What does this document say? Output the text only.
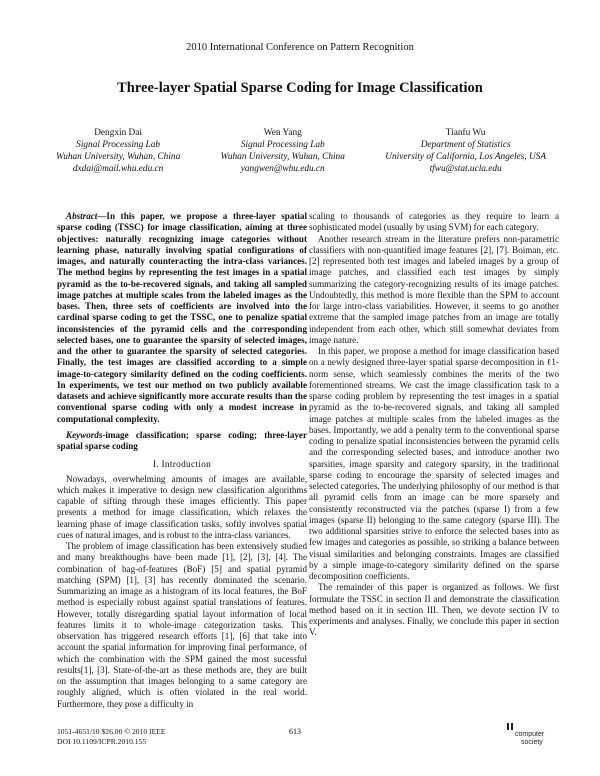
2010 International Conference on Pattern Recognition
Three-layer Spatial Sparse Coding for Image Classification
Dengxin Dai
Signal Processing Lab
Wuhan University, Wuhan, China
dxdai@mail.whu.edu.cn
Wen Yang
Signal Processing Lab
Wuhan University, Wuhan, China
yangwen@whu.edu.cn
Tianfu Wu
Department of Statistics
University of California, Los Angeles, USA
tfwu@stat.ucla.edu

Abstract—In this paper, we propose a three-layer spatial sparse coding (TSSC) for image classification, aiming at three objectives: naturally recognizing image categories without learning phase, naturally involving spatial configurations of images, and naturally counteracting the intra-class variances. The method begins by representing the test images in a spatial pyramid as the to-be-recovered signals, and taking all sampled image patches at multiple scales from the labeled images as the bases. Then, three sets of coefficients are involved into the cardinal sparse coding to get the TSSC, one to penalize spatial inconsistencies of the pyramid cells and the corresponding selected bases, one to guarantee the sparsity of selected images, and the other to guarantee the sparsity of selected categories. Finally, the test images are classified according to a simple image-to-category similarity defined on the coding coefficients. In experiments, we test our method on two publicly available datasets and achieve significantly more accurate results than the conventional sparse coding with only a modest increase in computational complexity.

Keywords-image classification; sparse coding; three-layer spatial sparse coding

I. Introduction

Nowadays, overwhelming amounts of images are available, which makes it imperative to design new classification algorithms capable of sifting through these images efficiently. This paper presents a method for image classification, which relaxes the learning phase of image classification tasks, softly involves spatial cues of natural images, and is robust to the intra-class variances.

The problem of image classification has been extensively studied and many breakthoughs have been made [1], [2], [3], [4]. The combination of bag-of-features (BoF) [5] and spatial pyramid matching (SPM) [1], [3] has recently dominated the scenario. Summarizing an image as a histogram of its local features, the BoF method is especially robust against spatial translations of features. However, totally disregarding spatial layout information of local features limits it to whole-image categorization tasks. This observation has triggered research efforts [1], [6] that take into account the spatial information for improving final performance, of which the combination with the SPM gained the most sucessful results[1], [3]. State-of-the-art as these methods are, they are built on the assumption that images belonging to a same category are roughly aligned, which is often violated in the real world. Furthermore, they pose a difficulty in

scaling to thousands of categories as they require to learn a sophisticated model (usually by using SVM) for each category.

Another research stream in the literature prefers non-parametric classifiers with non-quantified image features [2], [7]. Boiman, etc. [2] represented both test images and labeled images by a group of image patches, and classified each test images by simply summarizing the category-recognizing results of its image patches. Undoubtedly, this method is more flexible than the SPM to account for large intro-class variabilities. However, it seems to go another extreme that the sampled image patches from an image are totally independent from each other, which still somewhat deviates from image nature.

In this paper, we propose a method for image classification based on a newly designed three-layer spatial sparse decomposition in ℓ1-norm sense, which seamlessly combines the merits of the two forementioned streams. We cast the image classification task to a sparse coding problem by representing the test images in a spatial pyramid as the to-be-recovered signals, and taking all sampled image patches at multiple scales from the labeled images as the bases. Importantly, we add a penalty term to the conventional sparse coding to penalize spatial inconsistencies between the pyramid cells and the corresponding selected bases, and introduce another two sparsities, image sparsity and category sparsity, in the traditional sparse coding to encourage the sparsity of selected images and selected categories. The underlying philosophy of our method is that all pyramid cells from an image can be more sparsely and consistently reconstructed via the patches (sparse I) from a few images (sparse II) belonging to the same category (sparse III). The two additional sparsities strive to enforce the selected bases into as few images and categories as possible, so striking a balance between visual similarities and belonging constraints. Images are classified by a simple image-to-category similarity defined on the sparse decomposition coefficients.

The remainder of this paper is organized as follows. We first formulate the TSSC in section II and demonstrate the classification method based on it in section III. Then, we devote section IV to experiments and analyses. Finally, we conclude this paper in section V.

1051-4651/10 $26.00 © 2010 IEEE
DOI 10.1109/ICPR.2010.155
613	computer
society
